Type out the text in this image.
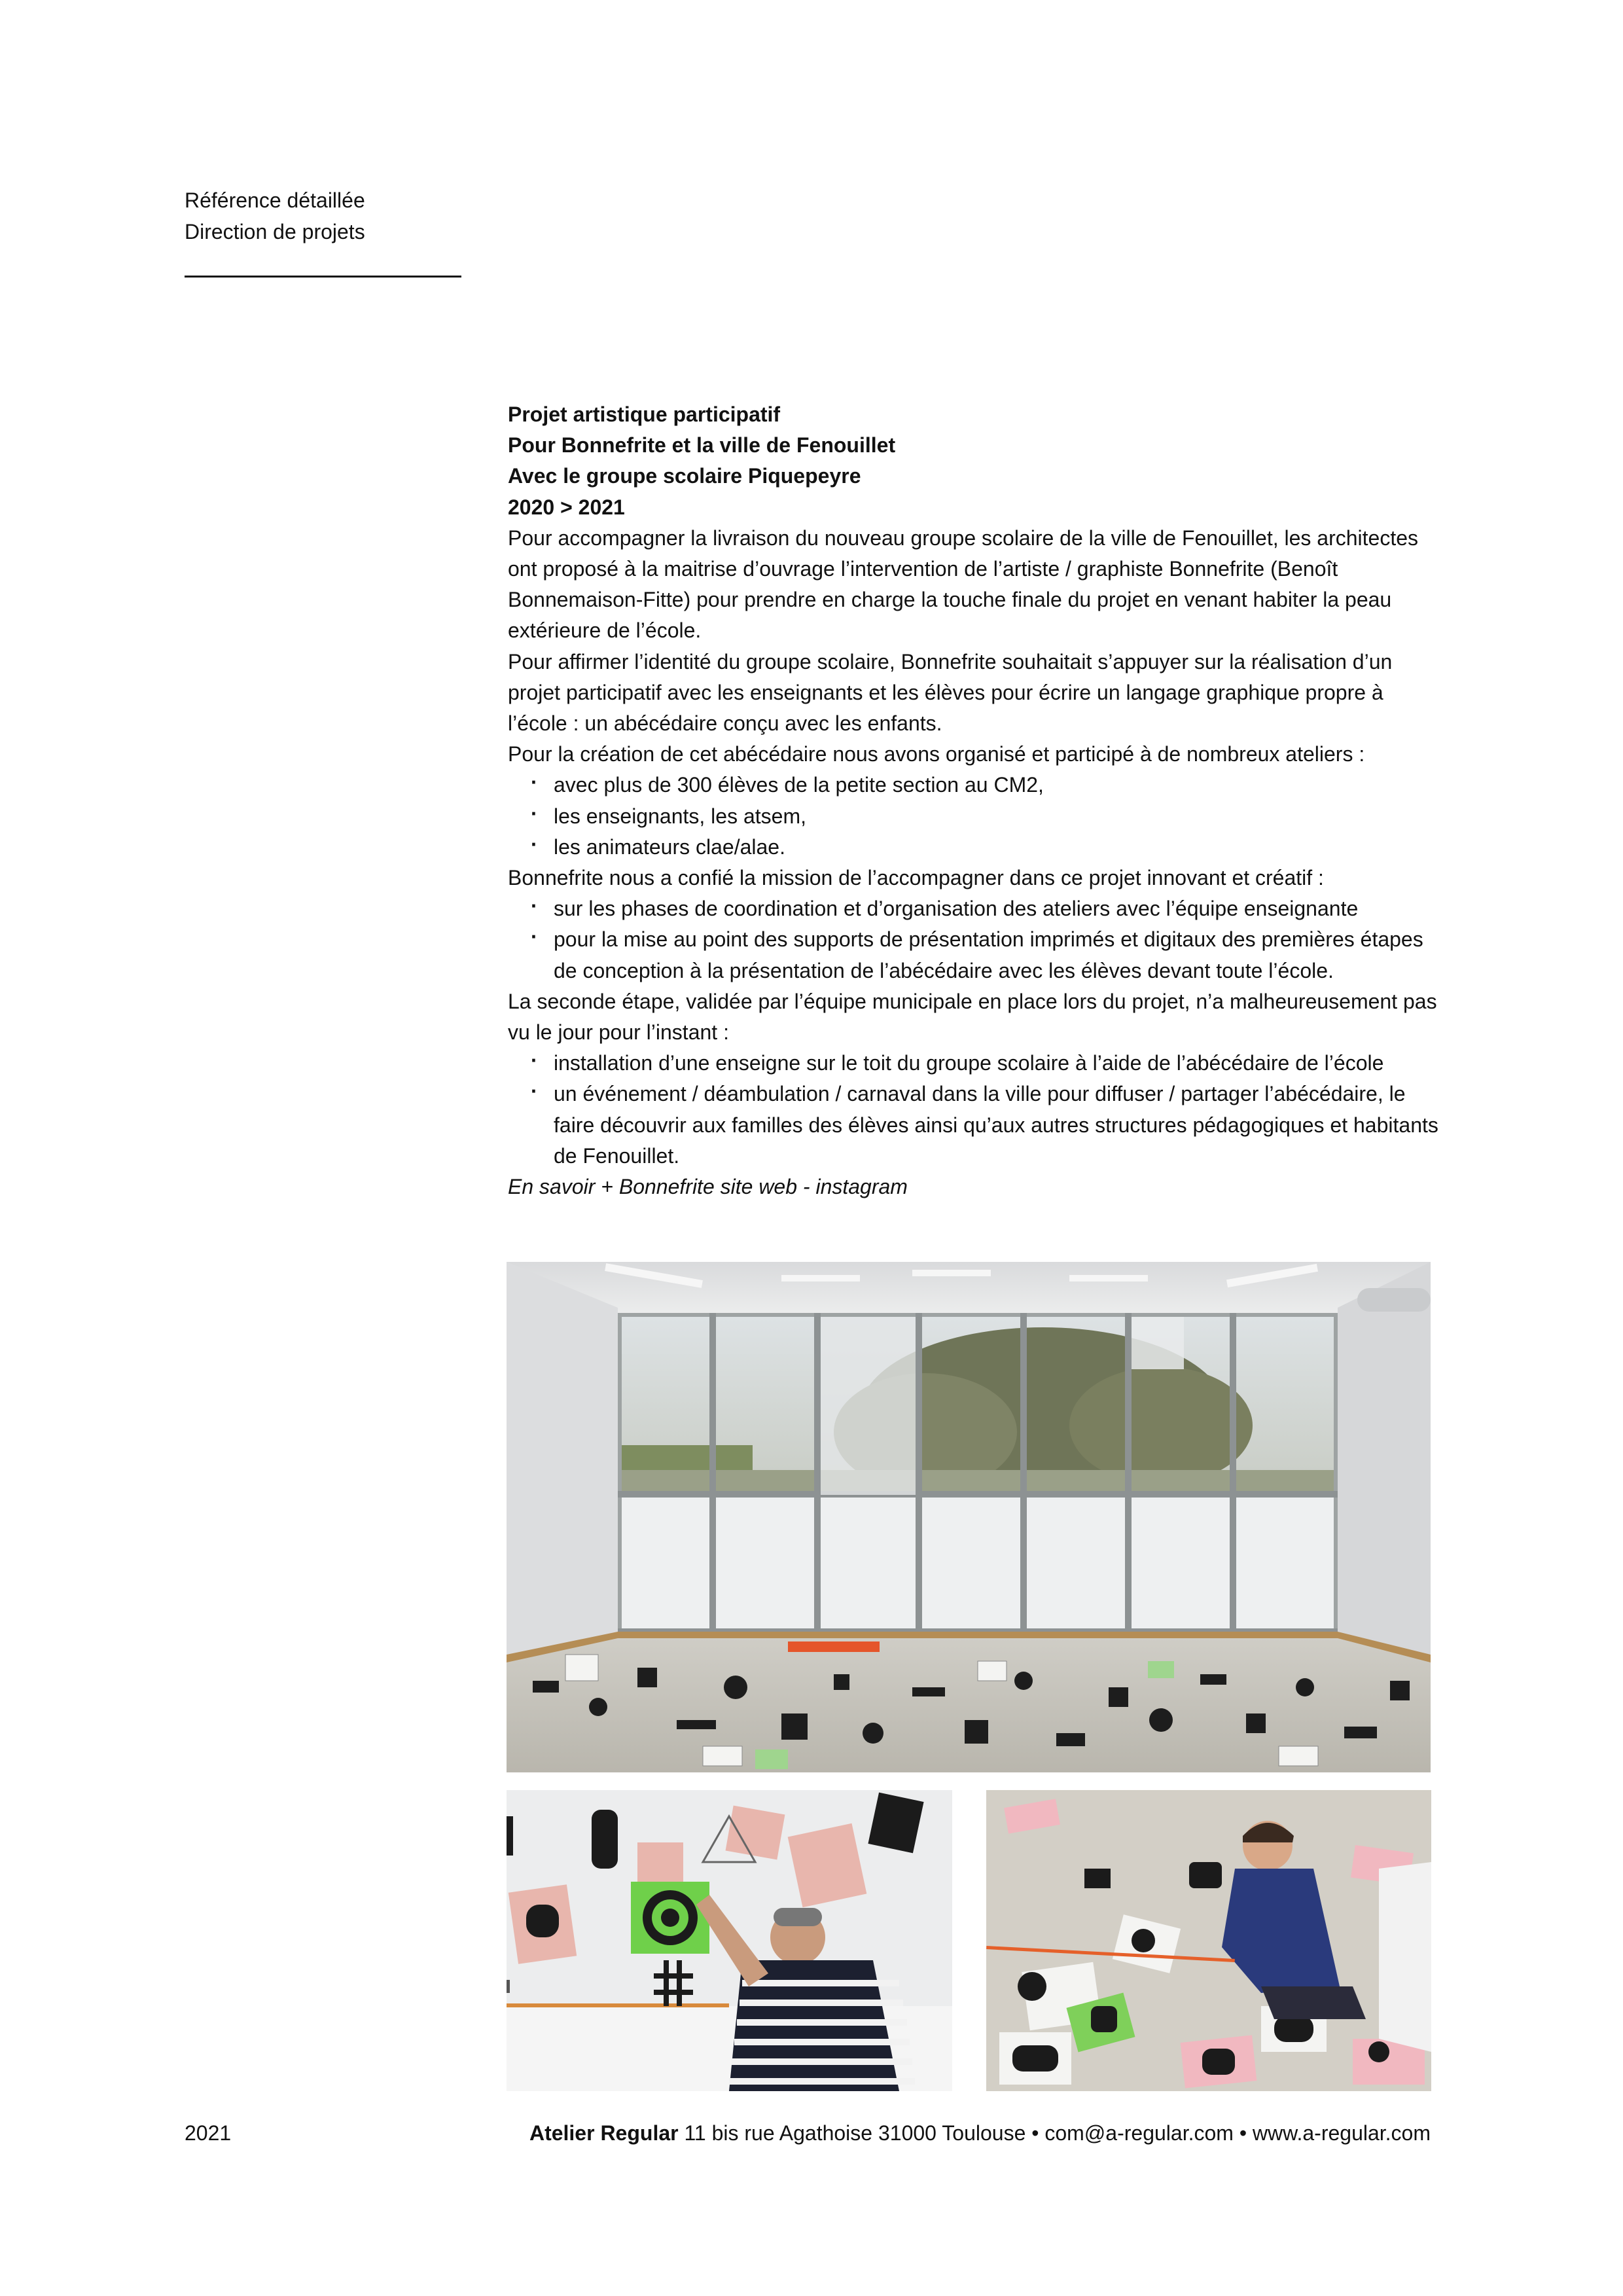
Référence détaillée
Direction de projets
Projet artistique participatif
Pour Bonnefrite et la ville de Fenouillet
Avec le groupe scolaire Piquepeyre
2020 > 2021

Pour accompagner la livraison du nouveau groupe scolaire de la ville de Fenouillet, les architectes ont proposé à la maitrise d’ouvrage l’intervention de l’artiste / graphiste Bonnefrite (Benoît Bonnemaison-Fitte) pour prendre en charge la touche finale du projet en venant habiter la peau extérieure de l’école.

Pour affirmer l’identité du groupe scolaire, Bonnefrite souhaitait s’appuyer sur la réalisation d’un projet participatif avec les enseignants et les élèves pour écrire un langage graphique propre à l’école : un abécédaire conçu avec les enfants.

Pour la création de cet abécédaire nous avons organisé et participé à de nombreux ateliers :

· avec plus de 300 élèves de la petite section au CM2,
· les enseignants, les atsem,
· les animateurs clae/alae.

Bonnefrite nous a confié la mission de l’accompagner dans ce projet innovant et créatif :

· sur les phases de coordination et d’organisation des ateliers avec l’équipe enseignante
· pour la mise au point des supports de présentation imprimés et digitaux des premières étapes de conception à la présentation de l’abécédaire avec les élèves devant toute l’école.

La seconde étape, validée par l’équipe municipale en place lors du projet, n’a malheureusement pas vu le jour pour l’instant :

· installation d’une enseigne sur le toit du groupe scolaire à l’aide de l’abécédaire de l’école
· un événement / déambulation / carnaval dans la ville pour diffuser / partager l’abécédaire, le faire découvrir aux familles des élèves ainsi qu’aux autres structures pédagogiques et habitants de Fenouillet.

En savoir + Bonnefrite site web - instagram

2021	Atelier Regular 11 bis rue Agathoise 31000 Toulouse • com@a-regular.com • www.a-regular.com
